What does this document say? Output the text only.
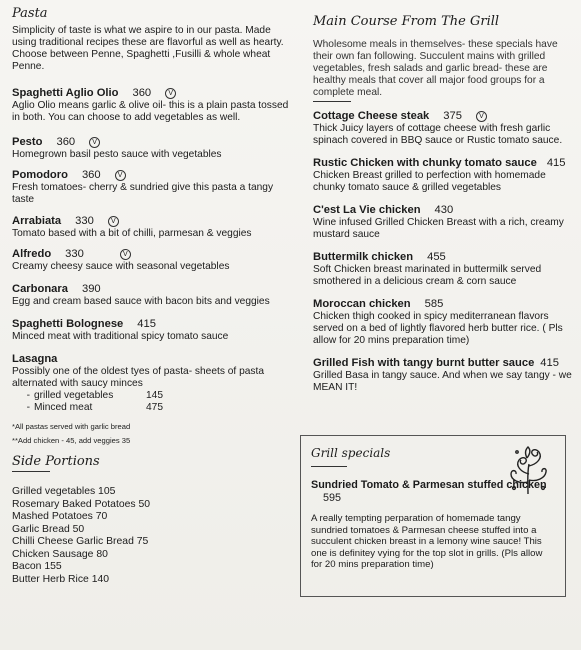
Pasta
Simplicity of taste is what we aspire to in our pasta. Made using traditional recipes these are flavorful as well as hearty. Choose between Penne, Spaghetti ,Fusilli & whole wheat Penne.
Spaghetti Aglio Olio 360	V
Aglio Olio means garlic & olive oil- this is a plain pasta tossed in both. You can choose to add vegetables as well.
Pesto 360	V
Homegrown basil pesto sauce with vegetables
Pomodoro 360	V
Fresh tomatoes- cherry & sundried give this pasta a tangy taste
Arrabiata 330	V
Tomato based with a bit of chilli, parmesan & veggies
Alfredo 330	V
Creamy cheesy sauce with seasonal vegetables
Carbonara 390
Egg and cream based sauce with bacon bits and veggies
Spaghetti Bolognese 415
Minced meat with traditional spicy tomato sauce
Lasagna
Possibly one of the oldest tyes of pasta- sheets of pasta alternated with saucy minces
- grilled vegetables	145
- Minced meat	475
*All pastas served with garlic bread
**Add chicken - 45, add veggies 35
Side Portions
Grilled vegetables 105
Rosemary Baked Potatoes 50
Mashed Potatoes 70
Garlic Bread 50
Chilli Cheese Garlic Bread 75
Chicken Sausage 80
Bacon 155
Butter Herb Rice 140
Main Course From The Grill
Wholesome meals in themselves- these specials have their own fan following. Succulent mains with grilled vegetables, fresh salads and garlic bread- these are healthy meals that cover all major food groups for a complete meal.
Cottage Cheese steak 375	V
Thick Juicy layers of cottage cheese with fresh garlic spinach covered in BBQ sauce or Rustic tomato sauce.
Rustic Chicken with chunky tomato sauce 415
Chicken Breast grilled to perfection with homemade chunky tomato sauce & grilled vegetables
C'est La Vie chicken 430
Wine infused Grilled Chicken Breast with a rich, creamy mustard sauce
Buttermilk chicken 455
Soft Chicken breast marinated in buttermilk served smothered in a delicious cream & corn sauce
Moroccan chicken 585
Chicken thigh cooked in spicy mediterranean flavors served on a bed of lightly flavored herb butter rice. ( Pls allow for 20 mins preparation time)
Grilled Fish with tangy burnt butter sauce 415
Grilled Basa in tangy sauce. And when we say tangy - we MEAN IT!
Grill specials
Sundried Tomato & Parmesan stuffed chicken 595
A really tempting perparation of homemade tangy sundried tomatoes & Parmesan cheese stuffed into a succulent chicken breast in a lemony wine sauce! This one is definitey vying for the top slot in grills. (Pls allow for 20 mins preparation time)
